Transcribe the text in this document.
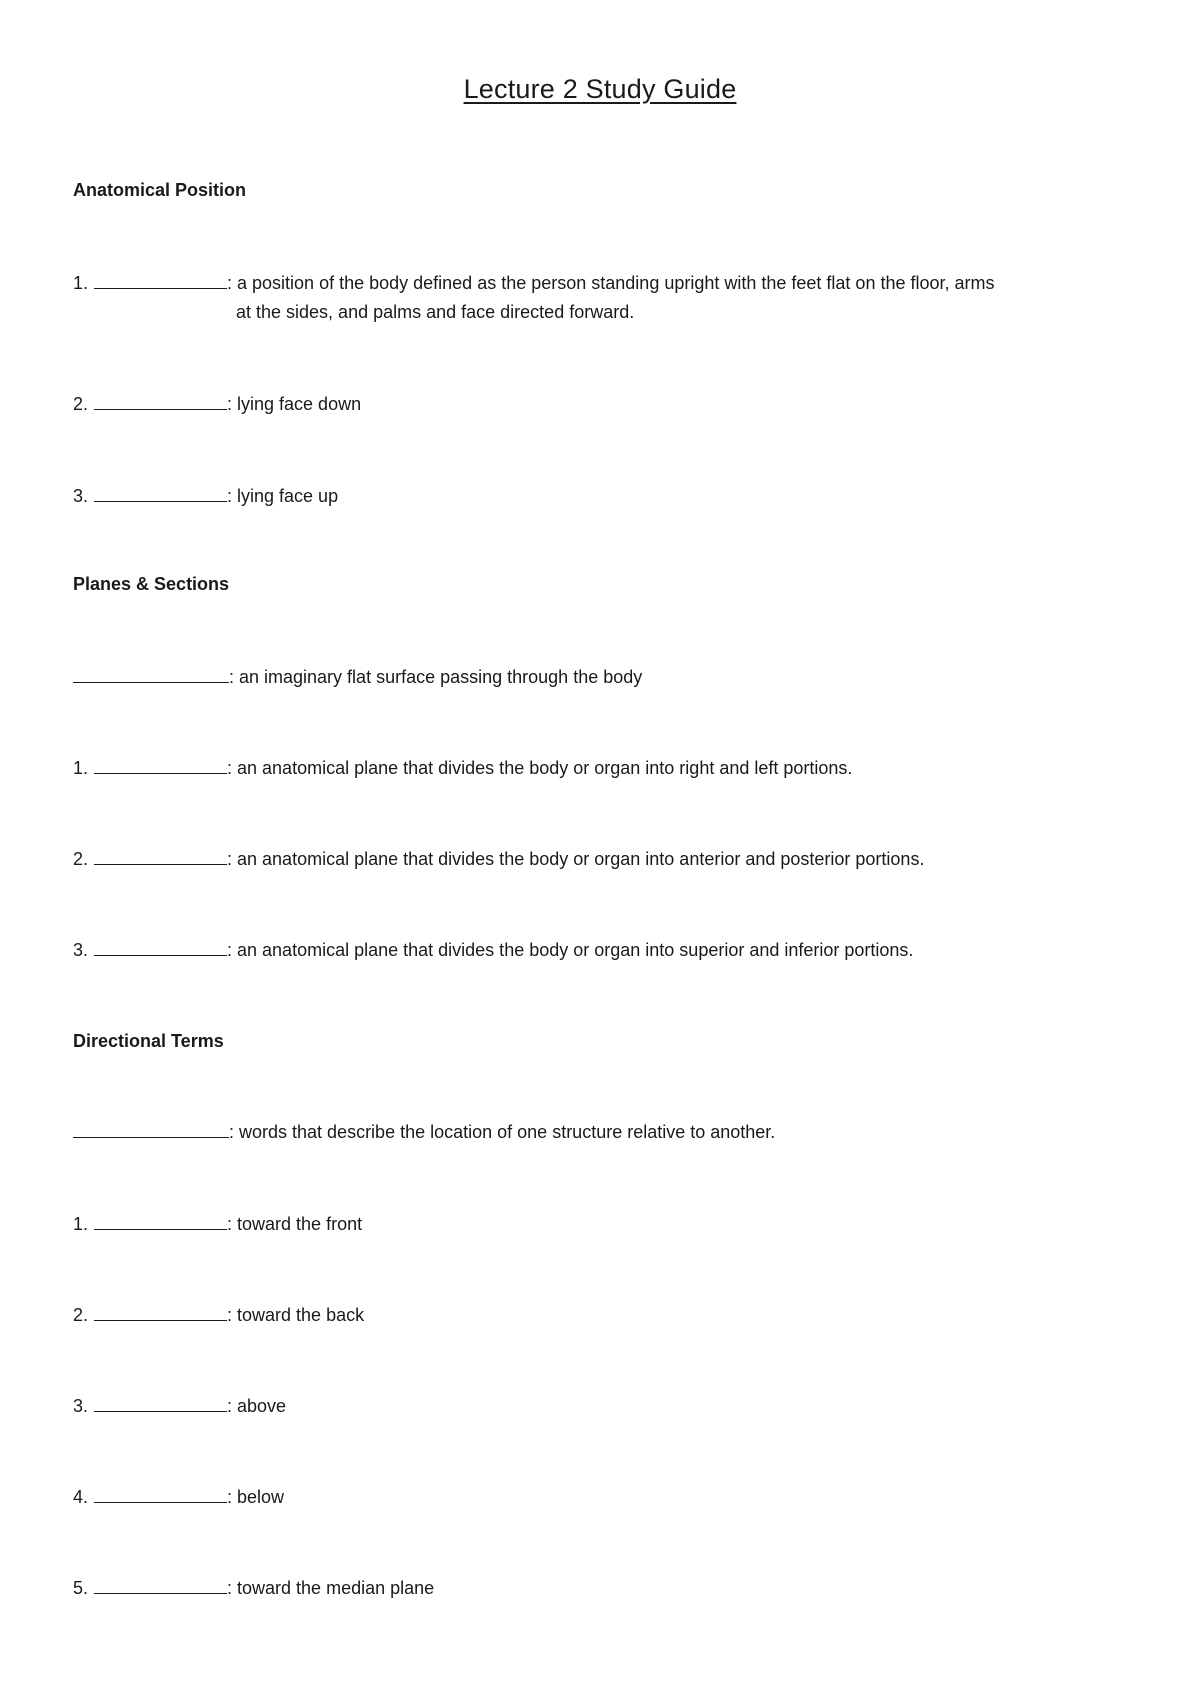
Lecture 2 Study Guide
Anatomical Position
1.	: a position of the body defined as the person standing upright with the feet flat on the floor, arms
at the sides, and palms and face directed forward.
2.	: lying face down
3.	: lying face up
Planes & Sections
: an imaginary flat surface passing through the body
1.	: an anatomical plane that divides the body or organ into right and left portions.
2.	: an anatomical plane that divides the body or organ into anterior and posterior portions.
3.	: an anatomical plane that divides the body or organ into superior and inferior portions.
Directional Terms
: words that describe the location of one structure relative to another.
1.	: toward the front
2.	: toward the back
3.	: above
4.	: below
5.	: toward the median plane
